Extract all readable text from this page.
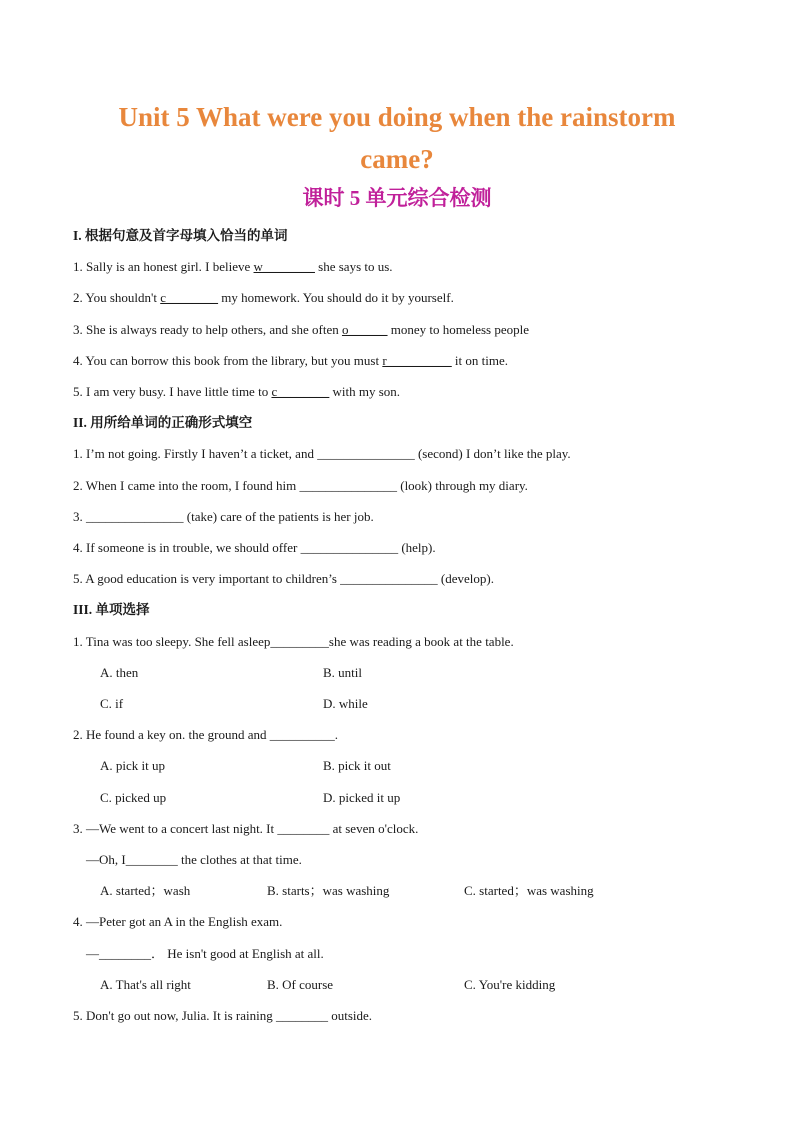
Unit 5 What were you doing when the rainstorm
came?
课时 5 单元综合检测

I. 根据句意及首字母填入恰当的单词

1. Sally is an honest girl. I believe w________ she says to us.

2. You shouldn't c________ my homework. You should do it by yourself.

3. She is always ready to help others, and she often o______ money to homeless people

4. You can borrow this book from the library, but you must r__________ it on time.

5. I am very busy. I have little time to c________ with my son.

II. 用所给单词的正确形式填空

1. I’m not going. Firstly I haven’t a ticket, and _______________ (second) I don’t like the play.

2. When I came into the room, I found him _______________ (look) through my diary.

3. _______________ (take) care of the patients is her job.

4. If someone is in trouble, we should offer _______________ (help).

5. A good education is very important to children’s _______________ (develop).

III. 单项选择

1. Tina was too sleepy. She fell asleep_________she was reading a book at the table.

A. then	B. until
C. if	D. while

2. He found a key on. the ground and __________.

A. pick it up	B. pick it out
C. picked up	D. picked it up

3. —We went to a concert last night. It ________ at seven o'clock.

—Oh, I________ the clothes at that time.

A. started；wash	B. starts；was washing	C. started；was washing

4. —Peter got an A in the English exam.

—________． He isn't good at English at all.

A. That's all right	B. Of course	C. You're kidding

5. Don't go out now, Julia. It is raining ________ outside.
